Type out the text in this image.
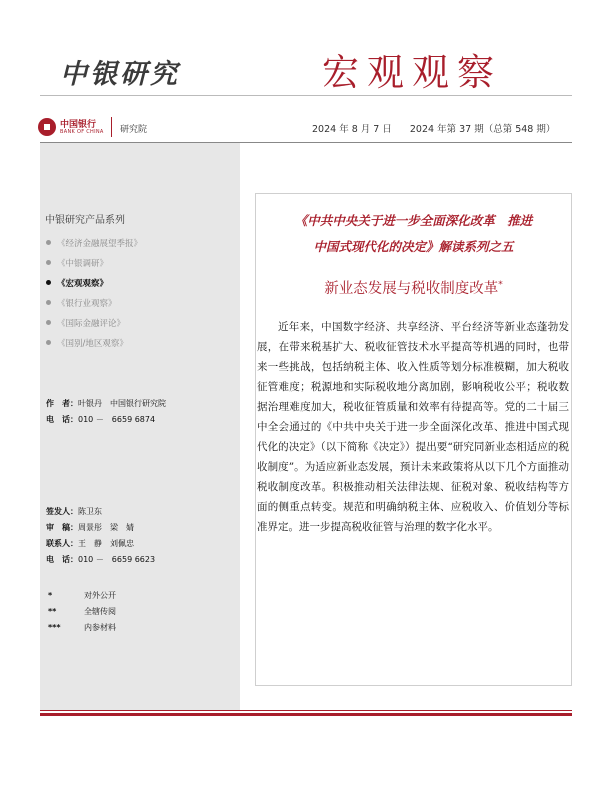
中银研究	宏观观察
中国银行
BANK OF CHINA 研究院	2024 年 8 月 7 日 2024 年第 37 期（总第 548 期）
中银研究产品系列
《经济金融展望季报》
《中银调研》
《宏观观察》
《银行业观察》
《国际金融评论》
《国别/地区观察》
作　者：叶银丹　中国银行研究院
电　话：010 －　6659 6874
签发人：陈卫东
审　稿：周景彤　梁　婧
联系人：王　静　刘佩忠
电　话：010 －　6659 6623
*	对外公开
**	全辖传阅
***	内参材料
《中共中央关于进一步全面深化改革　推进
中国式现代化的决定》解读系列之五
新业态发展与税收制度改革*

近年来，中国数字经济、共享经济、平台经济等新业态蓬勃发展，在带来税基扩大、税收征管技术水平提高等机遇的同时，也带来一些挑战，包括纳税主体、收入性质等划分标准模糊，加大税收征管难度；税源地和实际税收地分离加剧，影响税收公平；税收数据治理难度加大，税收征管质量和效率有待提高等。党的二十届三中全会通过的《中共中央关于进一步全面深化改革、推进中国式现代化的决定》（以下简称《决定》）提出要“研究同新业态相适应的税收制度”。为适应新业态发展，预计未来政策将从以下几个方面推动税收制度改革。积极推动相关法律法规、征税对象、税收结构等方面的侧重点转变。规范和明确纳税主体、应税收入、价值划分等标准界定。进一步提高税收征管与治理的数字化水平。
